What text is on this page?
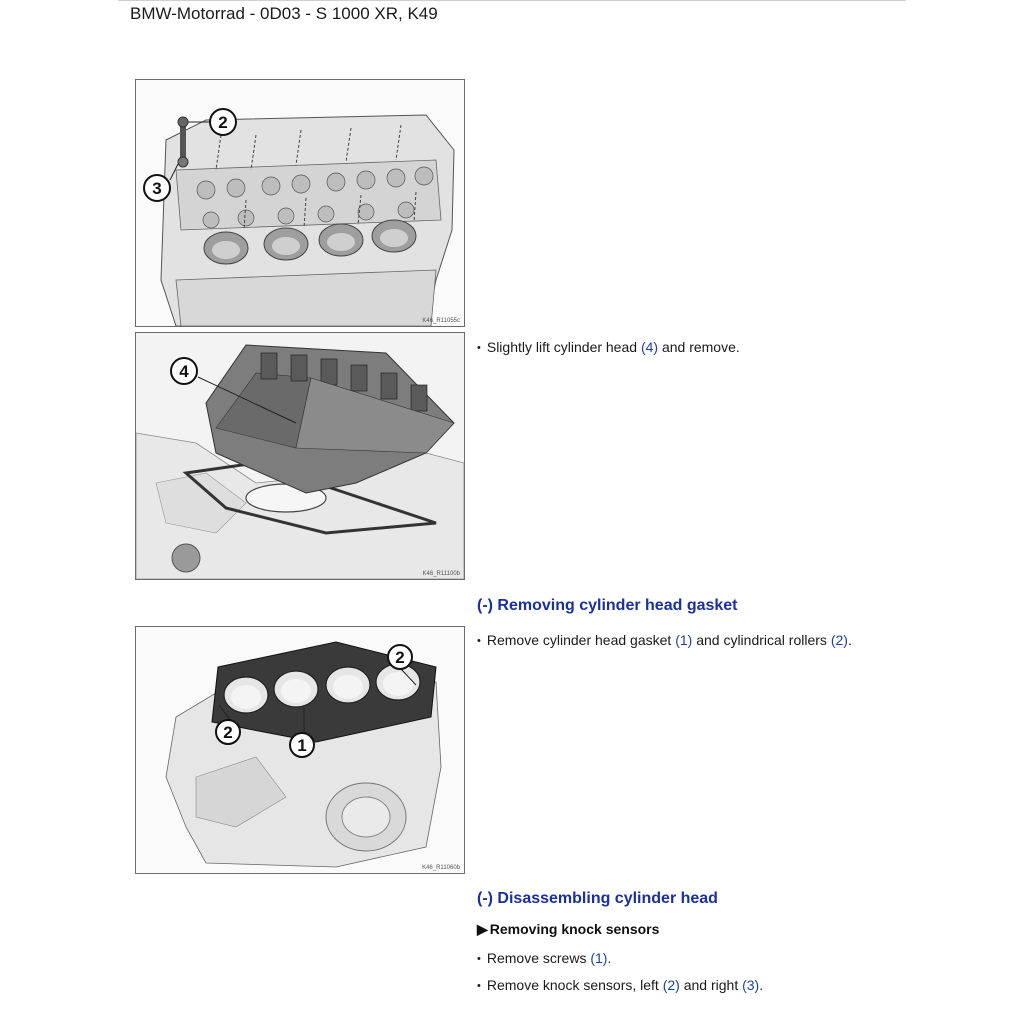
BMW-Motorrad - 0D03 - S 1000 XR, K49
2
3
K46_R11055c
4
K46_R11100b
2
1
2
K46_R11060b
• Slightly lift cylinder head (4) and remove.
(-) Removing cylinder head gasket
• Remove cylinder head gasket (1) and cylindrical rollers (2).
(-) Disassembling cylinder head
▶ Removing knock sensors
• Remove screws (1).
• Remove knock sensors, left (2) and right (3).
